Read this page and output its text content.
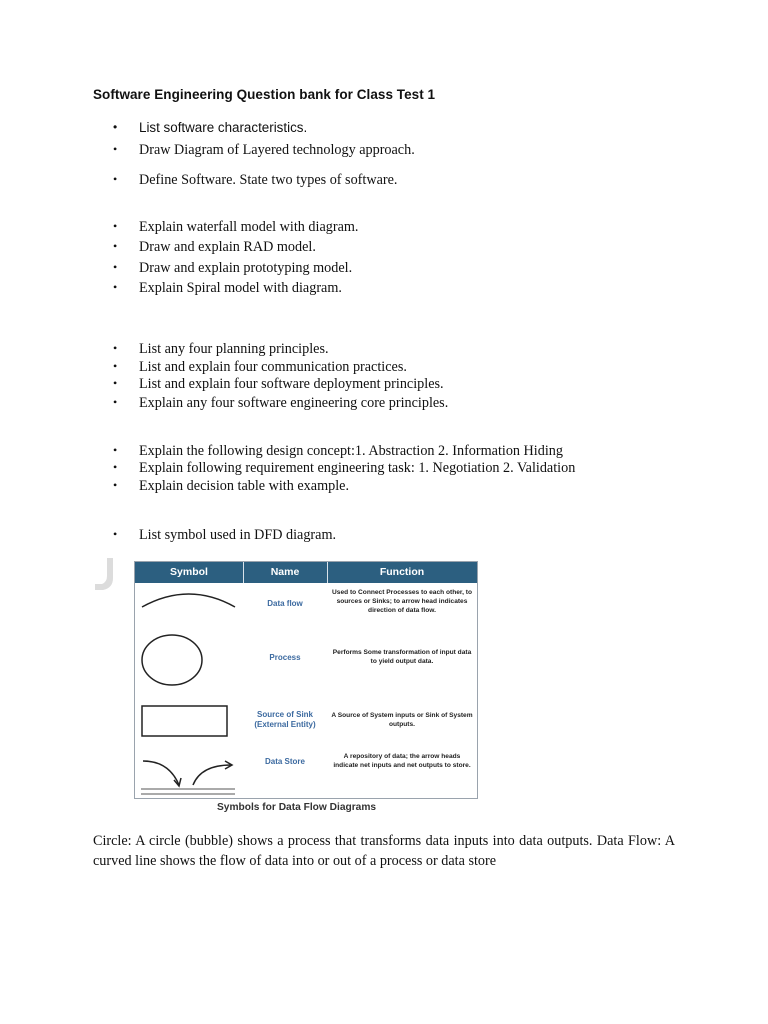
Software Engineering Question bank for Class Test 1
• List software characteristics.
• Draw Diagram of Layered technology approach.
• Define Software. State two types of software.
• Explain waterfall model with diagram.
• Draw and explain RAD model.
• Draw and explain prototyping model.
• Explain Spiral model with diagram.
• List any four planning principles.
• List and explain four communication practices.
• List and explain four software deployment principles.
• Explain any four software engineering core principles.
• Explain the following design concept:1. Abstraction 2. Information Hiding
• Explain following requirement engineering task: 1. Negotiation 2. Validation
• Explain decision table with example.
• List symbol used in DFD diagram.
Symbol	Name	Function
Data flow
Used to Connect Processes to each other, to sources or Sinks; to arrow head indicates direction of data flow.
Process
Performs Some transformation of input data to yield output data.
Source of Sink (External Entity)
A Source of System inputs or Sink of System outputs.
Data Store
A repository of data; the arrow heads indicate net inputs and net outputs to store.
Symbols for Data Flow Diagrams

Circle: A circle (bubble) shows a process that transforms data inputs into data outputs. Data Flow: A curved line shows the flow of data into or out of a process or data store
